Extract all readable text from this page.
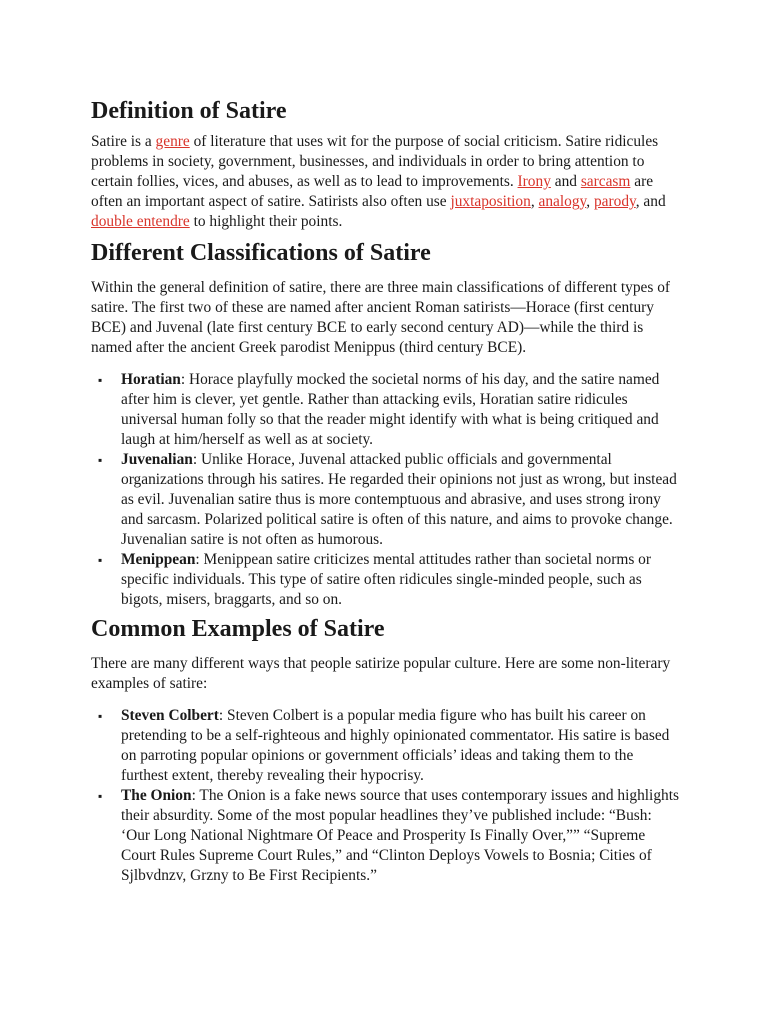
Definition of Satire

Satire is a genre of literature that uses wit for the purpose of social criticism. Satire ridicules problems in society, government, businesses, and individuals in order to bring attention to certain follies, vices, and abuses, as well as to lead to improvements. Irony and sarcasm are often an important aspect of satire. Satirists also often use juxtaposition, analogy, parody, and double entendre to highlight their points.

Different Classifications of Satire

Within the general definition of satire, there are three main classifications of different types of satire. The first two of these are named after ancient Roman satirists—Horace (first century BCE) and Juvenal (late first century BCE to early second century AD)—while the third is named after the ancient Greek parodist Menippus (third century BCE).

▪ Horatian: Horace playfully mocked the societal norms of his day, and the satire named after him is clever, yet gentle. Rather than attacking evils, Horatian satire ridicules universal human folly so that the reader might identify with what is being critiqued and laugh at him/herself as well as at society.
▪ Juvenalian: Unlike Horace, Juvenal attacked public officials and governmental organizations through his satires. He regarded their opinions not just as wrong, but instead as evil. Juvenalian satire thus is more contemptuous and abrasive, and uses strong irony and sarcasm. Polarized political satire is often of this nature, and aims to provoke change. Juvenalian satire is not often as humorous.
▪ Menippean: Menippean satire criticizes mental attitudes rather than societal norms or specific individuals. This type of satire often ridicules single-minded people, such as bigots, misers, braggarts, and so on.
Common Examples of Satire

There are many different ways that people satirize popular culture. Here are some non-literary examples of satire:

▪ Steven Colbert: Steven Colbert is a popular media figure who has built his career on pretending to be a self-righteous and highly opinionated commentator. His satire is based on parroting popular opinions or government officials’ ideas and taking them to the furthest extent, thereby revealing their hypocrisy.
▪ The Onion: The Onion is a fake news source that uses contemporary issues and highlights their absurdity. Some of the most popular headlines they’ve published include: “Bush: ‘Our Long National Nightmare Of Peace and Prosperity Is Finally Over,”” “Supreme Court Rules Supreme Court Rules,” and “Clinton Deploys Vowels to Bosnia; Cities of Sjlbvdnzv, Grzny to Be First Recipients.”
